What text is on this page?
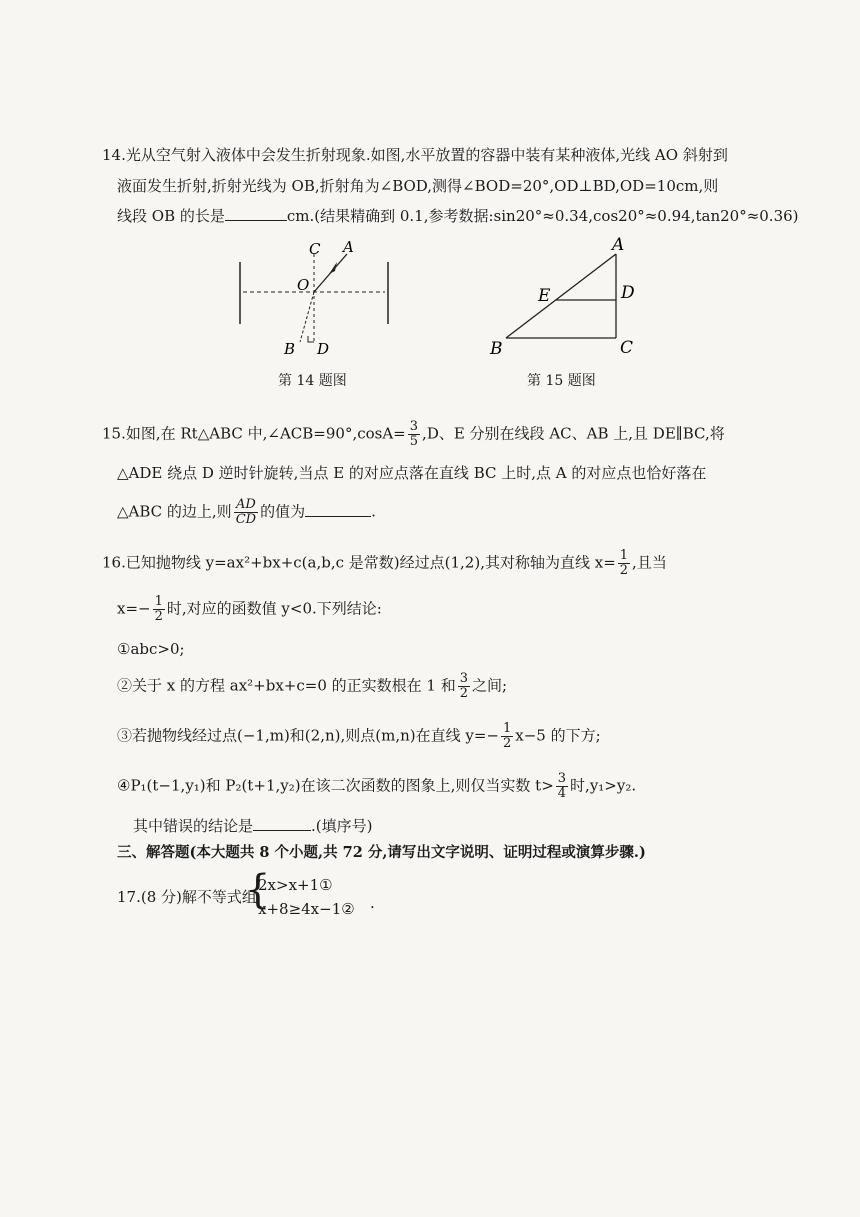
14.光从空气射入液体中会发生折射现象.如图,水平放置的容器中装有某种液体,光线 AO 斜射到
液面发生折射,折射光线为 OB,折射角为∠BOD,测得∠BOD=20°,OD⊥BD,OD=10cm,则
线段 OB 的长是	cm.(结果精确到 0.1,参考数据:sin20°≈0.34,cos20°≈0.94,tan20°≈0.36)
C A
O
B D
第 14 题图
A
E	D
B	C
第 15 题图
15.如图,在 Rt△ABC 中,∠ACB=90°,cosA= $\frac{3}{5} ,D$、E 分别在线段 AC、AB 上,且 DE∥BC,将
△ADE 绕点 D 逆时针旋转,当点 E 的对应点落在直线 BC 上时,点 A 的对应点也恰好落在
△ABC 的边上,则 $\frac{AD}{CD}$ 的值为	.
16.已知抛物线 y=ax²+bx+c(a,b,c 是常数)经过点(1,2),其对称轴为直线 $x= \frac{1}{2}$ ,且当
$x=- \frac{1}{2}$ 时,对应的函数值 y<0.下列结论:
①abc>0;
②关于 x 的方程 ax²+bx+c=0 的正实数根在 1 和 $\frac{3}{2}$ 之间;
③若抛物线经过点(−1,m)和(2,n),则点(m,n)在直线 $y=- \frac{1}{2} x-5$ 的下方;
④P₁(t−1,y₁)和 P₂(t+1,y₂)在该二次函数的图象上,则仅当实数 $t> \frac{3}{4}$ 时,y₁>y₂.
其中错误的结论是	.(填序号)
三、解答题(本大题共 8 个小题,共 72 分,请写出文字说明、证明过程或演算步骤.)
17.(8 分)解不等式组
{
2x>x+1①
x+8≥4x−1② .
